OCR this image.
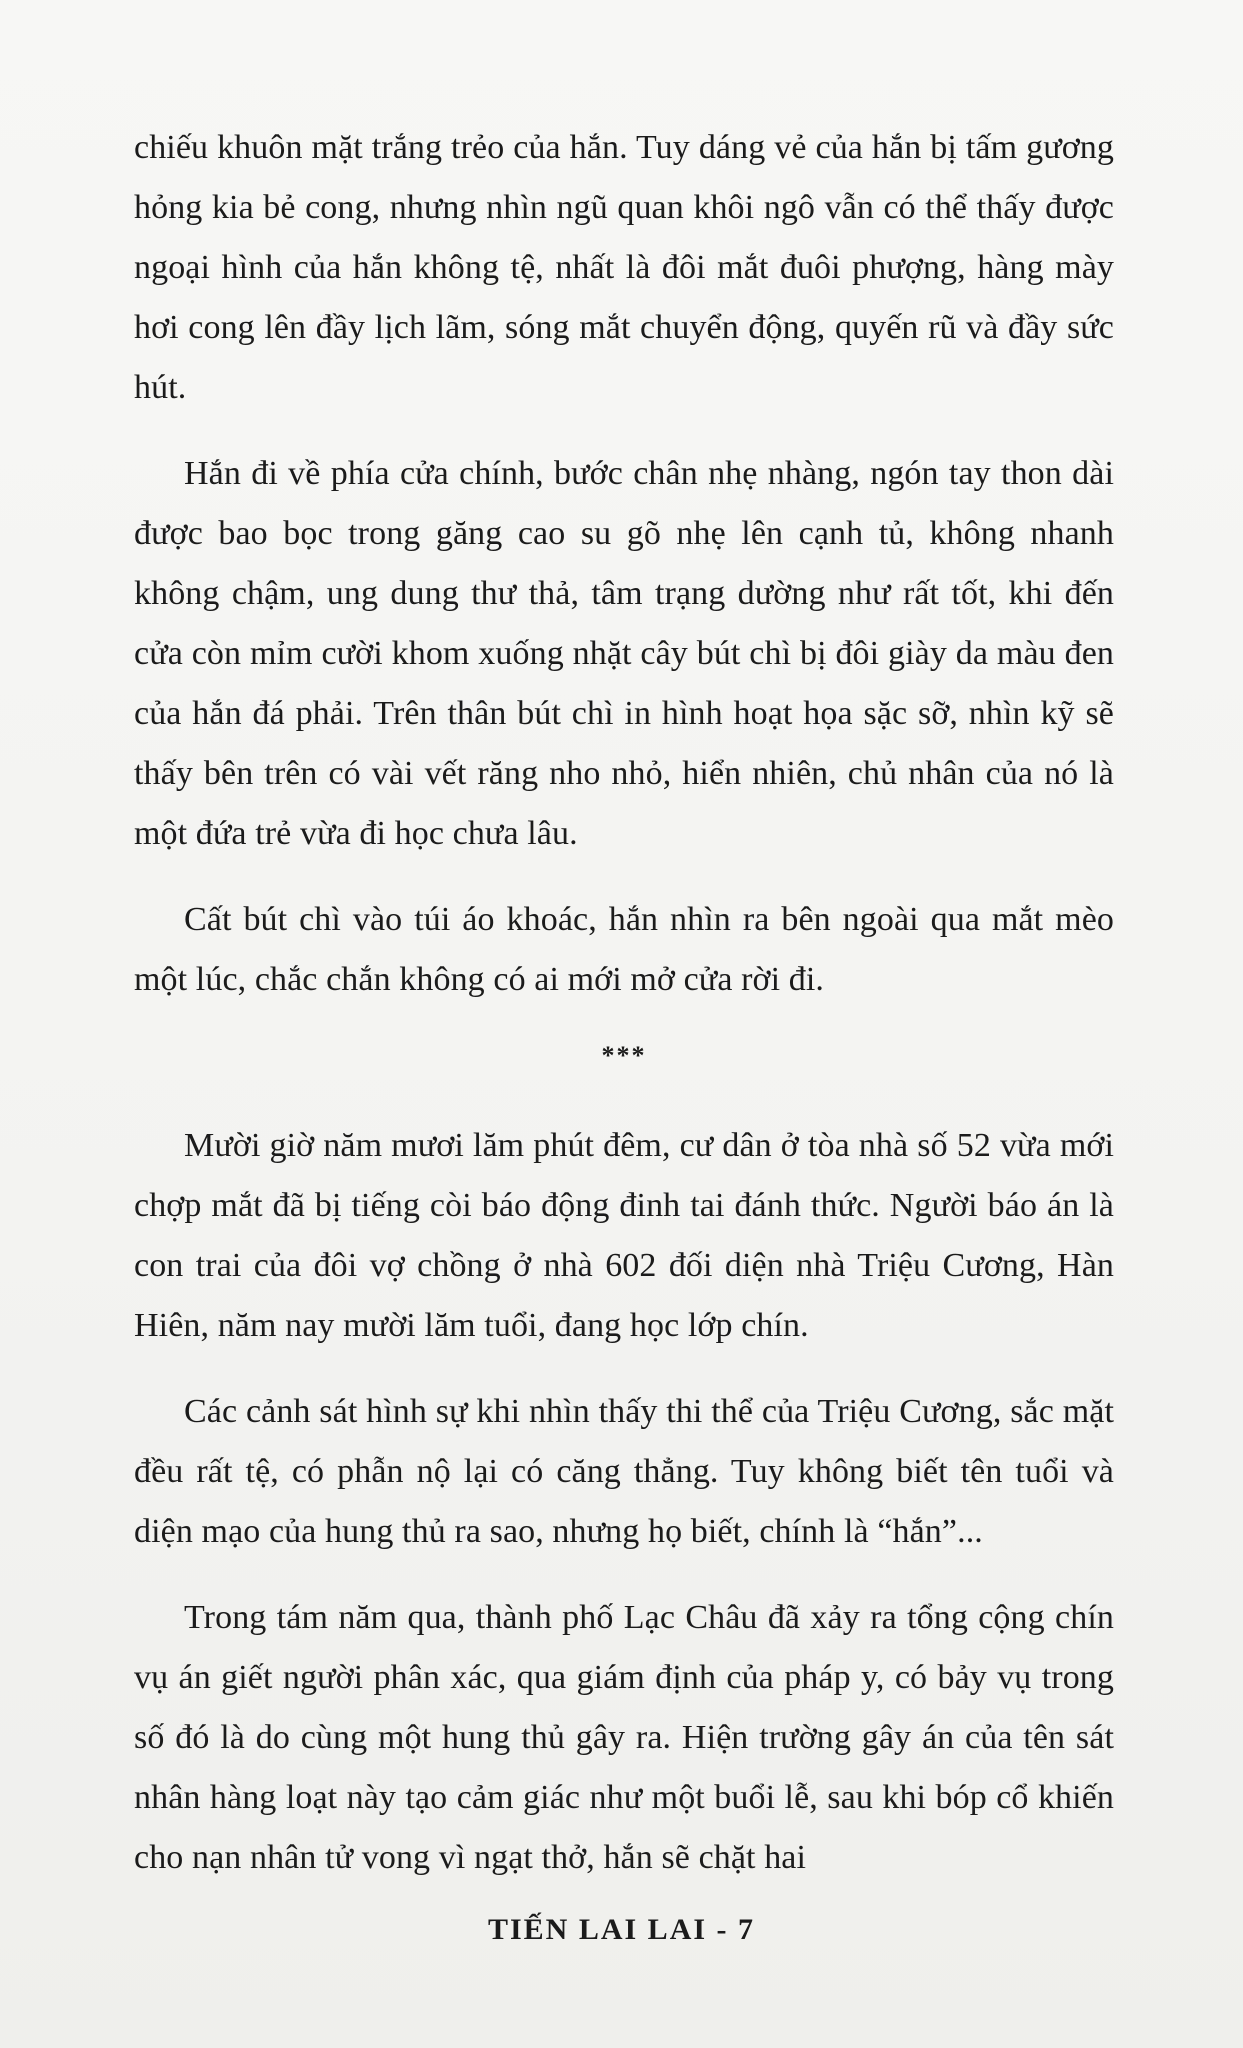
chiếu khuôn mặt trắng trẻo của hắn. Tuy dáng vẻ của hắn bị tấm gương hỏng kia bẻ cong, nhưng nhìn ngũ quan khôi ngô vẫn có thể thấy được ngoại hình của hắn không tệ, nhất là đôi mắt đuôi phượng, hàng mày hơi cong lên đầy lịch lãm, sóng mắt chuyển động, quyến rũ và đầy sức hút.

Hắn đi về phía cửa chính, bước chân nhẹ nhàng, ngón tay thon dài được bao bọc trong găng cao su gõ nhẹ lên cạnh tủ, không nhanh không chậm, ung dung thư thả, tâm trạng dường như rất tốt, khi đến cửa còn mỉm cười khom xuống nhặt cây bút chì bị đôi giày da màu đen của hắn đá phải. Trên thân bút chì in hình hoạt họa sặc sỡ, nhìn kỹ sẽ thấy bên trên có vài vết răng nho nhỏ, hiển nhiên, chủ nhân của nó là một đứa trẻ vừa đi học chưa lâu.

Cất bút chì vào túi áo khoác, hắn nhìn ra bên ngoài qua mắt mèo một lúc, chắc chắn không có ai mới mở cửa rời đi.

***

Mười giờ năm mươi lăm phút đêm, cư dân ở tòa nhà số 52 vừa mới chợp mắt đã bị tiếng còi báo động đinh tai đánh thức. Người báo án là con trai của đôi vợ chồng ở nhà 602 đối diện nhà Triệu Cương, Hàn Hiên, năm nay mười lăm tuổi, đang học lớp chín.

Các cảnh sát hình sự khi nhìn thấy thi thể của Triệu Cương, sắc mặt đều rất tệ, có phẫn nộ lại có căng thẳng. Tuy không biết tên tuổi và diện mạo của hung thủ ra sao, nhưng họ biết, chính là “hắn”...

Trong tám năm qua, thành phố Lạc Châu đã xảy ra tổng cộng chín vụ án giết người phân xác, qua giám định của pháp y, có bảy vụ trong số đó là do cùng một hung thủ gây ra. Hiện trường gây án của tên sát nhân hàng loạt này tạo cảm giác như một buổi lễ, sau khi bóp cổ khiến cho nạn nhân tử vong vì ngạt thở, hắn sẽ chặt hai

TIẾN LAI LAI - 7
